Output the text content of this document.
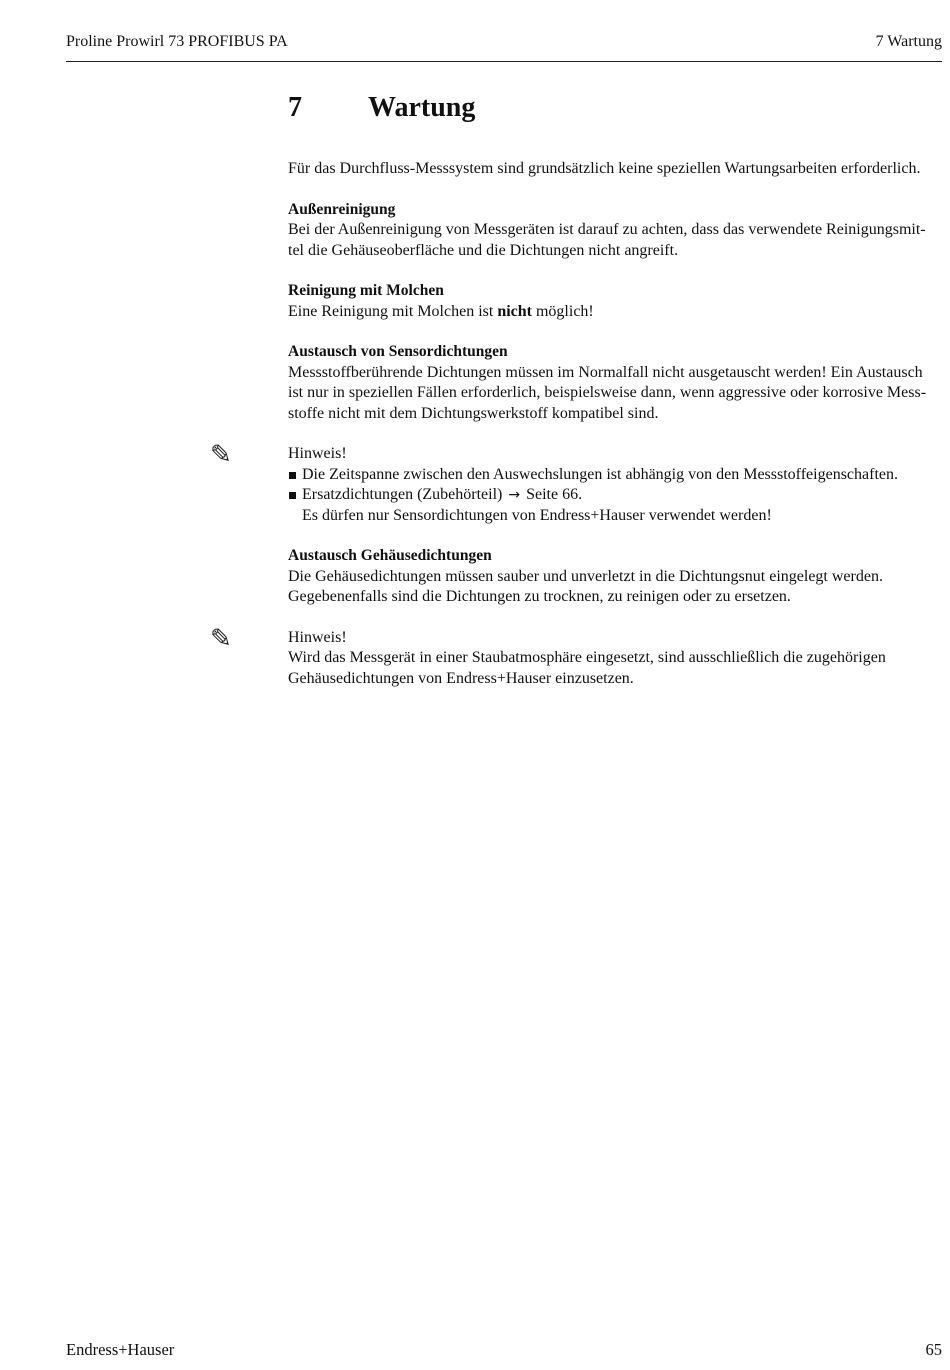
Proline Prowirl 73 PROFIBUS PA	7 Wartung
7 Wartung

Für das Durchfluss-Messsystem sind grundsätzlich keine speziellen Wartungsarbeiten erforderlich.

Außenreinigung

Bei der Außenreinigung von Messgeräten ist darauf zu achten, dass das verwendete Reinigungsmit-

tel die Gehäuseoberfläche und die Dichtungen nicht angreift.

Reinigung mit Molchen

Eine Reinigung mit Molchen ist nicht möglich!

Austausch von Sensordichtungen

Messstoffberührende Dichtungen müssen im Normalfall nicht ausgetauscht werden! Ein Austausch

ist nur in speziellen Fällen erforderlich, beispielsweise dann, wenn aggressive oder korrosive Mess-

stoffe nicht mit dem Dichtungswerkstoff kompatibel sind.

✎	Hinweis!

Die Zeitspanne zwischen den Auswechslungen ist abhängig von den Messstoffeigenschaften.

Ersatzdichtungen (Zubehörteil) → Seite 66.

Es dürfen nur Sensordichtungen von Endress+Hauser verwendet werden!

Austausch Gehäusedichtungen

Die Gehäusedichtungen müssen sauber und unverletzt in die Dichtungsnut eingelegt werden.

Gegebenenfalls sind die Dichtungen zu trocknen, zu reinigen oder zu ersetzen.

✎	Hinweis!

Wird das Messgerät in einer Staubatmosphäre eingesetzt, sind ausschließlich die zugehörigen

Gehäusedichtungen von Endress+Hauser einzusetzen.

Endress+Hauser	65
